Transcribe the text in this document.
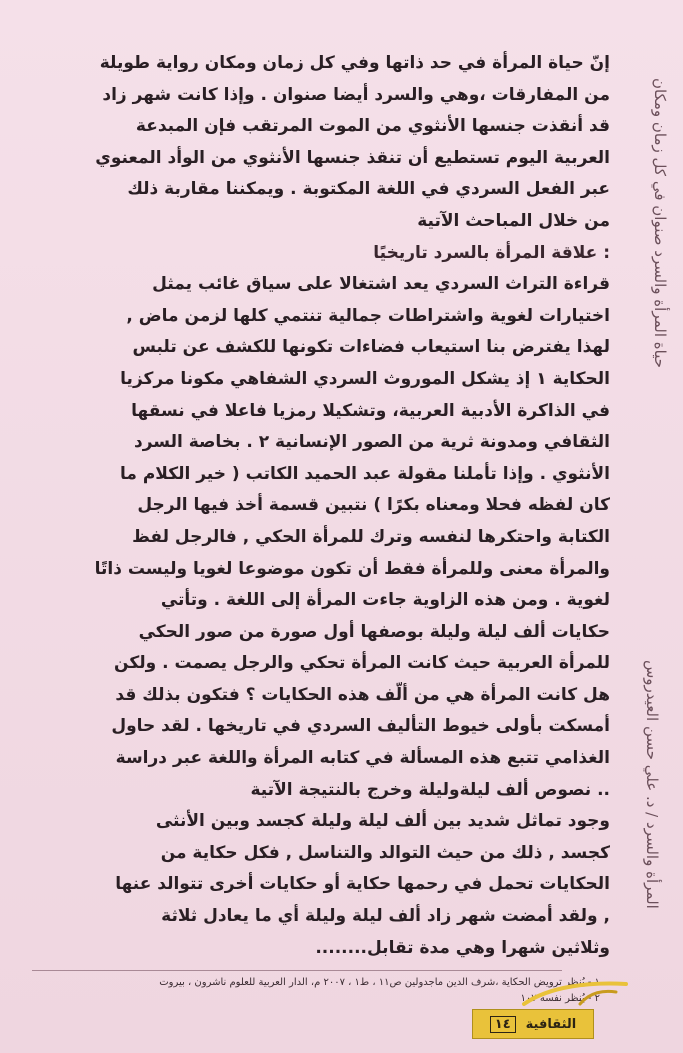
حياة المرأة والسرد صنوان في كل زمان ومكان
المرأة والسرد / د. علي حسن العيدروس
إنّ حياة المرأة في حد ذاتها وفي كل زمان ومكان رواية طويلة
من المفارقات ،وهي والسرد أيضا صنوان . وإذا كانت شهر زاد
قد أنقذت جنسها الأنثوي من الموت المرتقب فإن المبدعة
العربية اليوم تستطيع أن تنقذ جنسها الأنثوي من الوأد المعنوي
عبر الفعل السردي في اللغة المكتوبة . ويمكننا مقاربة ذلك
من خلال المباحث الآتية
: علاقة المرأة بالسرد تاريخيًا
قراءة التراث السردي يعد اشتغالا على سياق غائب يمثل
اختيارات لغوية واشتراطات جمالية تنتمي كلها لزمن ماض ,
لهذا يفترض بنا استيعاب فضاءات تكونها للكشف عن تلبس
الحكاية ١ إذ يشكل الموروث السردي الشفاهي مكونا مركزيا
في الذاكرة الأدبية العربية، وتشكيلا رمزيا فاعلا في نسقها
الثقافي ومدونة ثرية من الصور الإنسانية ٢ . بخاصة السرد
الأنثوي . وإذا تأملنا مقولة عبد الحميد الكاتب ( خير الكلام ما
كان لفظه فحلا ومعناه بكرًا ) نتبين قسمة أخذ فيها الرجل
الكتابة واحتكرها لنفسه وترك للمرأة الحكي , فالرجل لفظ
والمرأة معنى وللمرأة فقط أن تكون موضوعا لغويا وليست ذاتًا
لغوية . ومن هذه الزاوية جاءت المرأة إلى اللغة . وتأتي
حكايات ألف ليلة وليلة بوصفها أول صورة من صور الحكي
للمرأة العربية حيث كانت المرأة تحكي والرجل يصمت . ولكن
هل كانت المرأة هي من ألّف هذه الحكايات ؟ فتكون بذلك قد
أمسكت بأولى خيوط التأليف السردي في تاريخها . لقد حاول
الغذامي تتبع هذه المسألة في كتابه المرأة واللغة عبر دراسة
.. نصوص ألف ليلةوليلة وخرج بالنتيجة الآتية
وجود تماثل شديد بين ألف ليلة وليلة كجسد وبين الأنثى
كجسد , ذلك من حيث التوالد والتناسل , فكل حكاية من
الحكايات تحمل في رحمها حكاية أو حكايات أخرى تتوالد عنها
, ولقد أمضت شهر زاد ألف ليلة وليلة أي ما يعادل ثلاثة
وثلاثين شهرا وهي مدة تقابل........
١ - يُنظر ترويض الحكاية ،شرف الدين ماجدولين ص١١ ، ط١ ، ٢٠٠٧ م، الدار العربية للعلوم ناشرون ، بيروت
٢ - يُنظر نفسه ١٠٧
الثقافية
١٤
